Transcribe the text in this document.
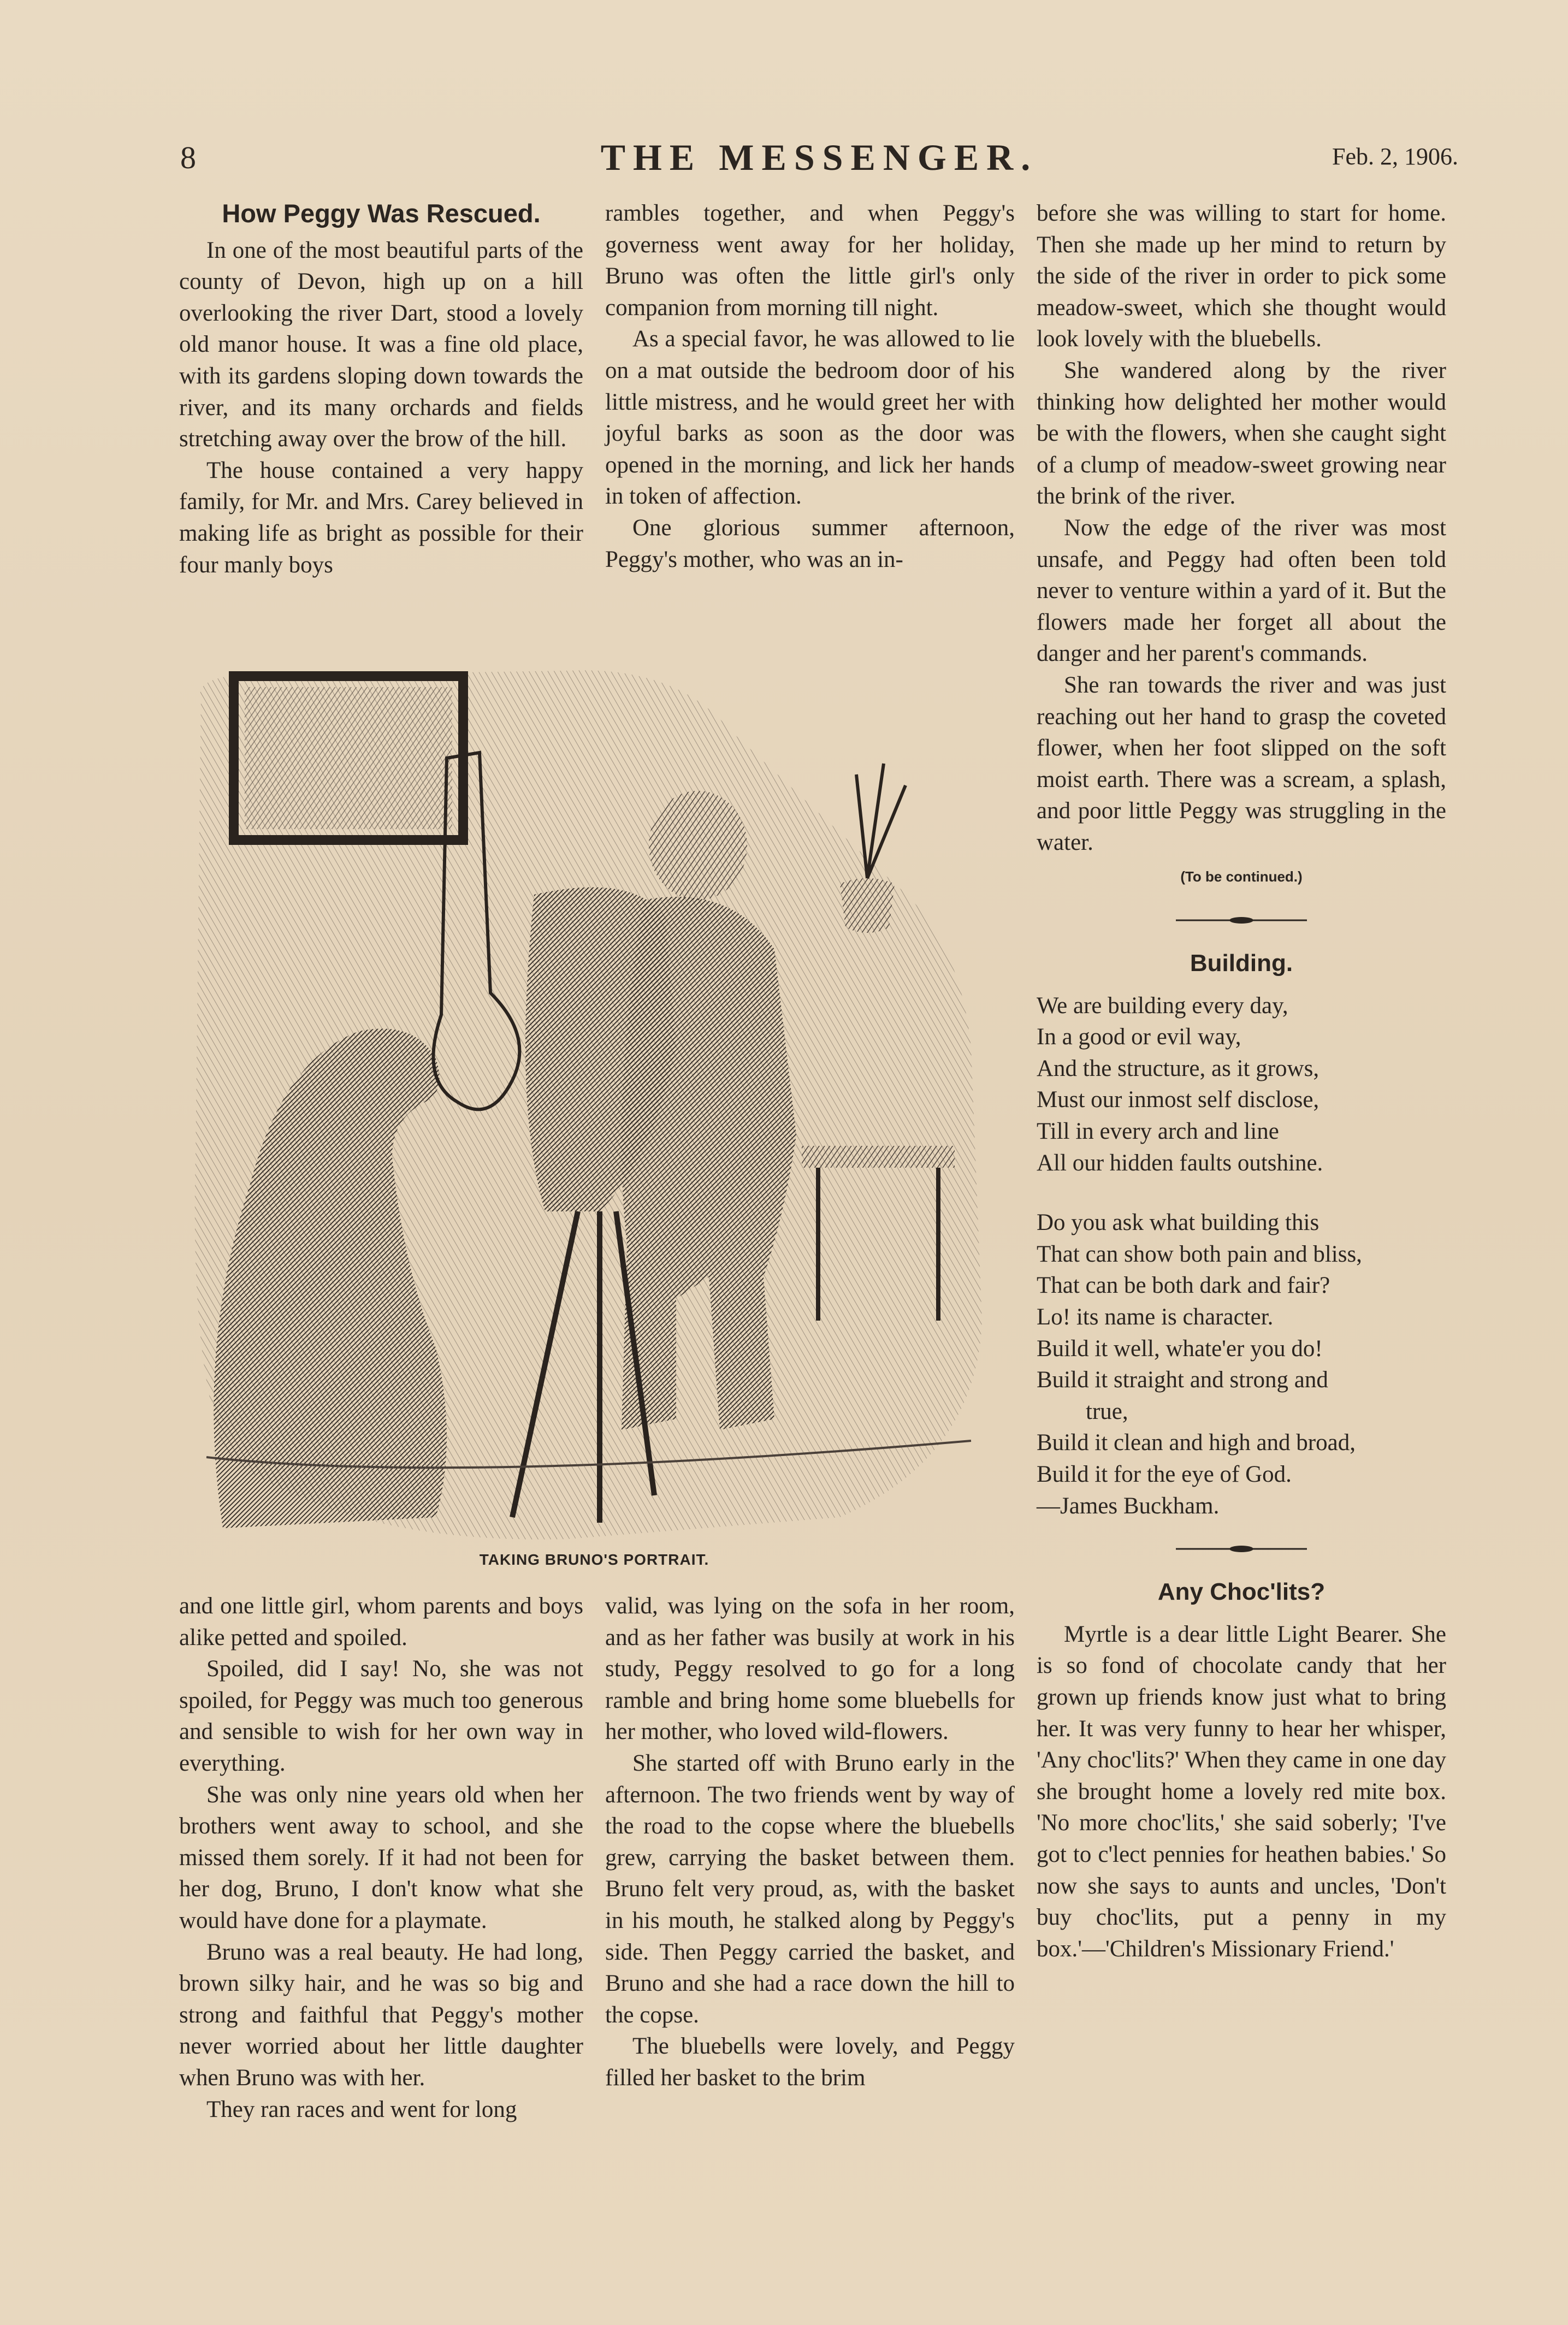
8	THE MESSENGER.	Feb. 2, 1906.
How Peggy Was Rescued.

In one of the most beautiful parts of the county of Devon, high up on a hill overlooking the river Dart, stood a lovely old manor house. It was a fine old place, with its gardens sloping down towards the river, and its many orchards and fields stretching away over the brow of the hill.

The house contained a very happy family, for Mr. and Mrs. Carey believed in making life as bright as possible for their four manly boys

rambles together, and when Peggy's governess went away for her holiday, Bruno was often the little girl's only companion from morning till night.

As a special favor, he was allowed to lie on a mat outside the bedroom door of his little mistress, and he would greet her with joyful barks as soon as the door was opened in the morning, and lick her hands in token of affection.

One glorious summer afternoon, Peggy's mother, who was an in-

TAKING BRUNO'S PORTRAIT.

and one little girl, whom parents and boys alike petted and spoiled.

Spoiled, did I say! No, she was not spoiled, for Peggy was much too generous and sensible to wish for her own way in everything.

She was only nine years old when her brothers went away to school, and she missed them sorely. If it had not been for her dog, Bruno, I don't know what she would have done for a playmate.

Bruno was a real beauty. He had long, brown silky hair, and he was so big and strong and faithful that Peggy's mother never worried about her little daughter when Bruno was with her.

They ran races and went for long

valid, was lying on the sofa in her room, and as her father was busily at work in his study, Peggy resolved to go for a long ramble and bring home some bluebells for her mother, who loved wild-flowers.

She started off with Bruno early in the afternoon. The two friends went by way of the road to the copse where the bluebells grew, carrying the basket between them. Bruno felt very proud, as, with the basket in his mouth, he stalked along by Peggy's side. Then Peggy carried the basket, and Bruno and she had a race down the hill to the copse.

The bluebells were lovely, and Peggy filled her basket to the brim

before she was willing to start for home. Then she made up her mind to return by the side of the river in order to pick some meadow-sweet, which she thought would look lovely with the bluebells.

She wandered along by the river thinking how delighted her mother would be with the flowers, when she caught sight of a clump of meadow-sweet growing near the brink of the river.

Now the edge of the river was most unsafe, and Peggy had often been told never to venture within a yard of it. But the flowers made her forget all about the danger and her parent's commands.

She ran towards the river and was just reaching out her hand to grasp the coveted flower, when her foot slipped on the soft moist earth. There was a scream, a splash, and poor little Peggy was struggling in the water.

(To be continued.)
Building.

We are building every day,

In a good or evil way,

And the structure, as it grows,

Must our inmost self disclose,

Till in every arch and line

All our hidden faults outshine.

Do you ask what building this

That can show both pain and bliss,

That can be both dark and fair?

Lo! its name is character.

Build it well, whate'er you do!

Build it straight and strong and

true,

Build it clean and high and broad,

Build it for the eye of God.

—James Buckham.

Any Choc'lits?

Myrtle is a dear little Light Bearer. She is so fond of chocolate candy that her grown up friends know just what to bring her. It was very funny to hear her whisper, 'Any choc'lits?' When they came in one day she brought home a lovely red mite box. 'No more choc'lits,' she said soberly; 'I've got to c'lect pennies for heathen babies.' So now she says to aunts and uncles, 'Don't buy choc'lits, put a penny in my box.'—'Children's Missionary Friend.'
